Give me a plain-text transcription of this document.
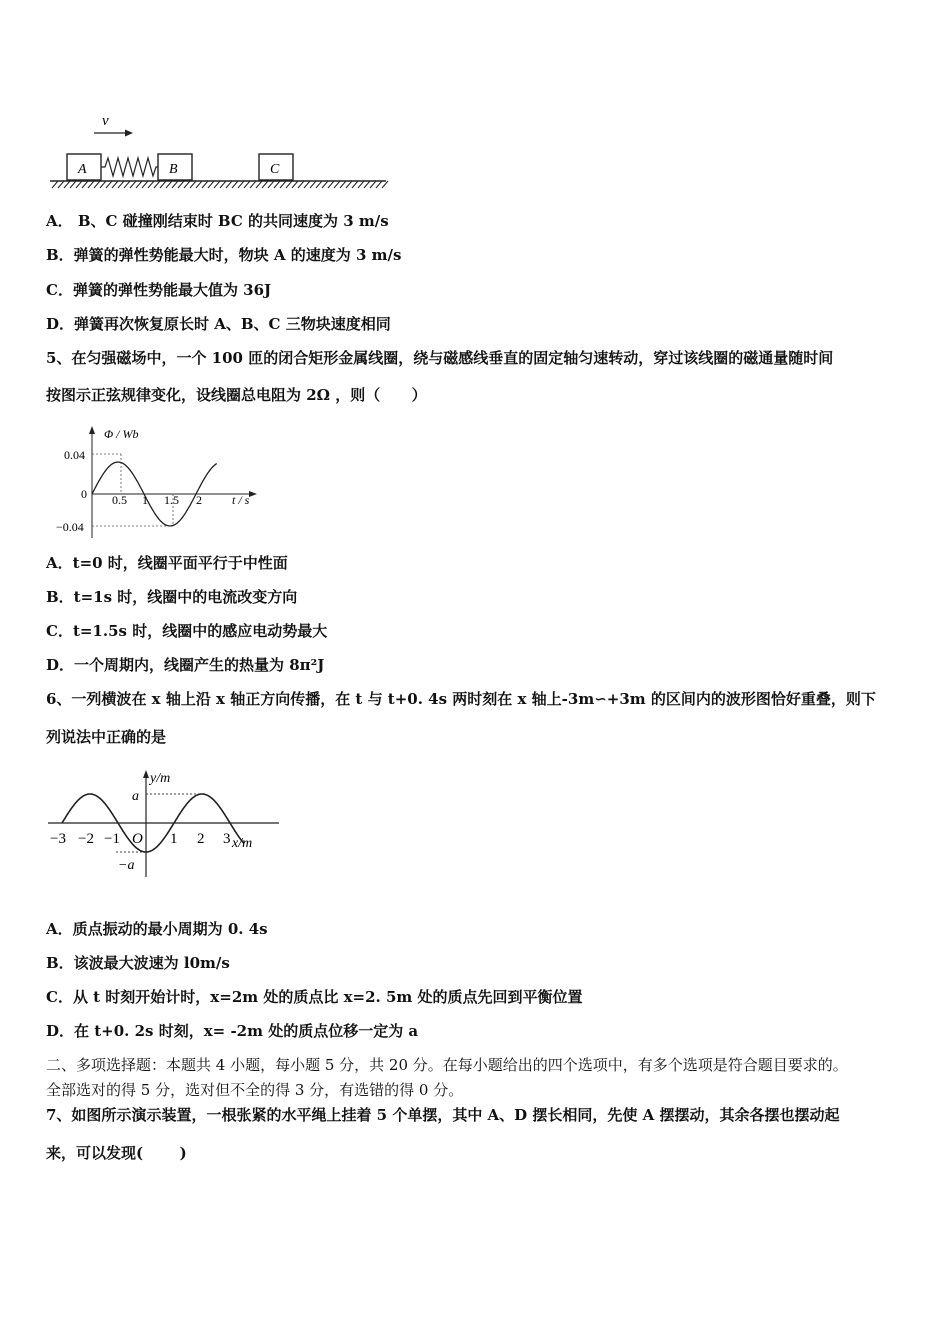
v
A	B	C
A． B、C 碰撞刚结束时 BC 的共同速度为 3 m/s
B．弹簧的弹性势能最大时，物块 A 的速度为 3 m/s
C．弹簧的弹性势能最大值为 36J
D．弹簧再次恢复原长时 A、B、C 三物块速度相同
5、在匀强磁场中，一个 100 匝的闭合矩形金属线圈，绕与磁感线垂直的固定轴匀速转动，穿过该线圈的磁通量随时间
按图示正弦规律变化，设线圈总电阻为 2Ω ，则（      ）
Φ / Wb
0.04
0
−0.04
0.5 1 1.5 2	t / s
A．t=0 时，线圈平面平行于中性面
B．t=1s 时，线圈中的电流改变方向
C．t=1.5s 时，线圈中的感应电动势最大
D．一个周期内，线圈产生的热量为 8π²J
6、一列横波在 x 轴上沿 x 轴正方向传播，在 t 与 t+0. 4s 两时刻在 x 轴上-3m∽+3m 的区间内的波形图恰好重叠，则下
列说法中正确的是
y/m
a
−a
−3 −2 −1 O 1 2 3 x/m
A．质点振动的最小周期为 0. 4s
B．该波最大波速为 l0m/s
C．从 t 时刻开始计时，x=2m 处的质点比 x=2. 5m 处的质点先回到平衡位置
D．在 t+0. 2s 时刻，x= -2m 处的质点位移一定为 a
二、多项选择题：本题共 4 小题，每小题 5 分，共 20 分。在每小题给出的四个选项中，有多个选项是符合题目要求的。
全部选对的得 5 分，选对但不全的得 3 分，有选错的得 0 分。
7、如图所示演示装置，一根张紧的水平绳上挂着 5 个单摆，其中 A、D 摆长相同，先使 A 摆摆动，其余各摆也摆动起
来，可以发现(       )
